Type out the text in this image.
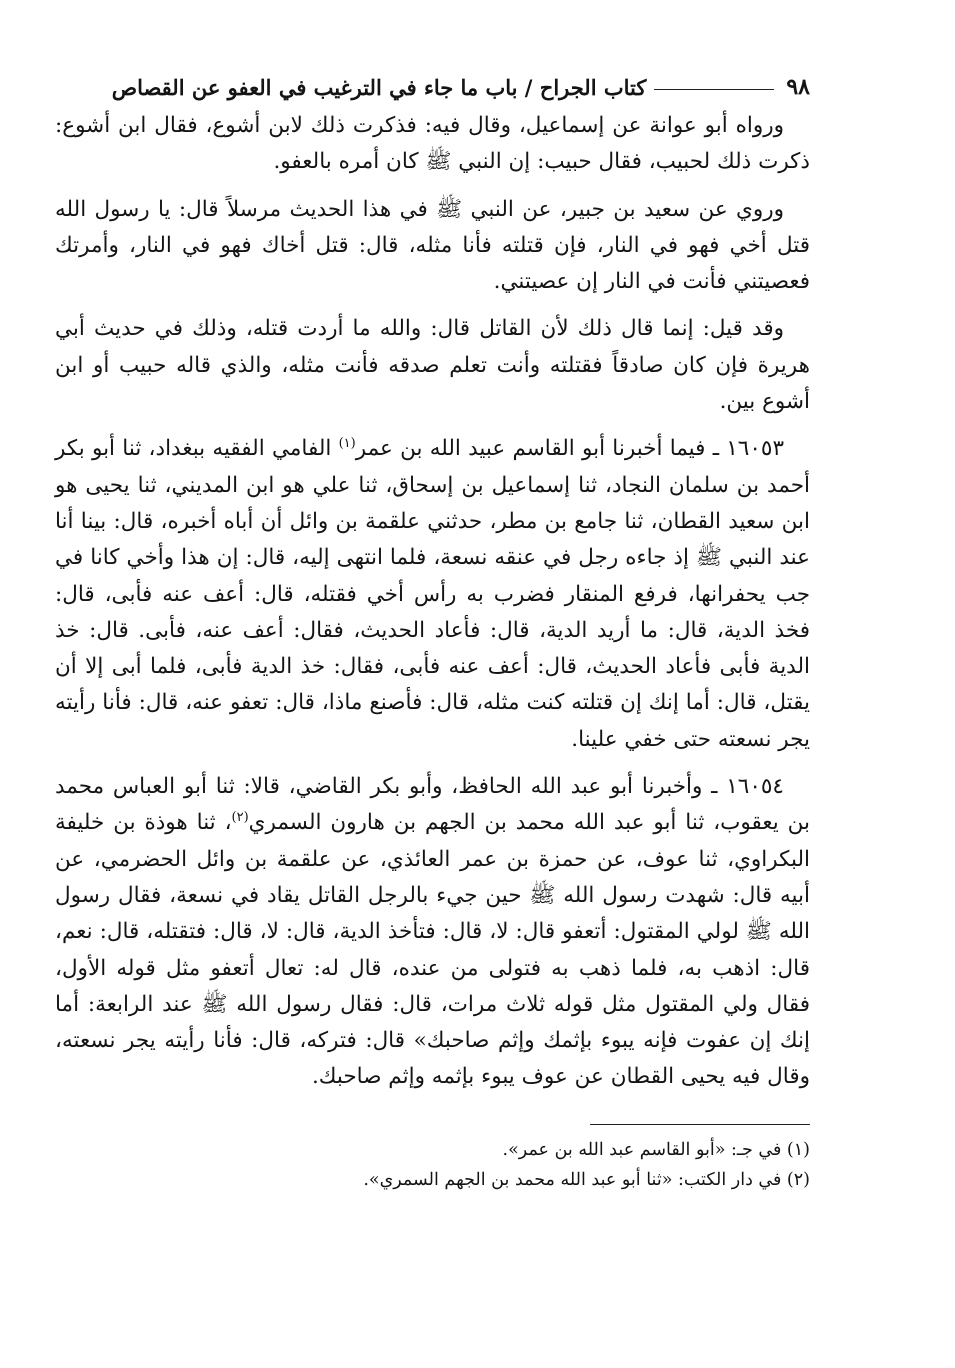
٩٨
كتاب الجراح / باب ما جاء في الترغيب في العفو عن القصاص

ورواه أبو عوانة عن إسماعيل، وقال فيه: فذكرت ذلك لابن أشوع، فقال ابن أشوع: ذكرت ذلك لحبيب، فقال حبيب: إن النبي ﷺ كان أمره بالعفو.

وروي عن سعيد بن جبير، عن النبي ﷺ في هذا الحديث مرسلاً قال: يا رسول الله قتل أخي فهو في النار، فإن قتلته فأنا مثله، قال: قتل أخاك فهو في النار، وأمرتك فعصيتني فأنت في النار إن عصيتني.

وقد قيل: إنما قال ذلك لأن القاتل قال: والله ما أردت قتله، وذلك في حديث أبي هريرة فإن كان صادقاً فقتلته وأنت تعلم صدقه فأنت مثله، والذي قاله حبيب أو ابن أشوع بين.

١٦٠٥٣ ـ فيما أخبرنا أبو القاسم عبيد الله بن عمر$^{(١)}$ الفامي الفقيه ببغداد، ثنا أبو بكر أحمد بن سلمان النجاد، ثنا إسماعيل بن إسحاق، ثنا علي هو ابن المديني، ثنا يحيى هو ابن سعيد القطان، ثنا جامع بن مطر، حدثني علقمة بن وائل أن أباه أخبره، قال: بينا أنا عند النبي ﷺ إذ جاءه رجل في عنقه نسعة، فلما انتهى إليه، قال: إن هذا وأخي كانا في جب يحفرانها، فرفع المنقار فضرب به رأس أخي فقتله، قال: أعف عنه فأبى، قال: فخذ الدية، قال: ما أريد الدية، قال: فأعاد الحديث، فقال: أعف عنه، فأبى. قال: خذ الدية فأبى فأعاد الحديث، قال: أعف عنه فأبى، فقال: خذ الدية فأبى، فلما أبى إلا أن يقتل، قال: أما إنك إن قتلته كنت مثله، قال: فأصنع ماذا، قال: تعفو عنه، قال: فأنا رأيته يجر نسعته حتى خفي علينا.

١٦٠٥٤ ـ وأخبرنا أبو عبد الله الحافظ، وأبو بكر القاضي، قالا: ثنا أبو العباس محمد بن يعقوب، ثنا أبو عبد الله محمد بن الجهم بن هارون السمري$^{(٢)}$، ثنا هوذة بن خليفة البكراوي، ثنا عوف، عن حمزة بن عمر العائذي، عن علقمة بن وائل الحضرمي، عن أبيه قال: شهدت رسول الله ﷺ حين جيء بالرجل القاتل يقاد في نسعة، فقال رسول الله ﷺ لولي المقتول: أتعفو قال: لا، قال: فتأخذ الدية، قال: لا، قال: فتقتله، قال: نعم، قال: اذهب به، فلما ذهب به فتولى من عنده، قال له: تعال أتعفو مثل قوله الأول، فقال ولي المقتول مثل قوله ثلاث مرات، قال: فقال رسول الله ﷺ عند الرابعة: أما إنك إن عفوت فإنه يبوء بإثمك وإثم صاحبك» قال: فتركه، قال: فأنا رأيته يجر نسعته، وقال فيه يحيى القطان عن عوف يبوء بإثمه وإثم صاحبك.

(١) في جـ: «أبو القاسم عبد الله بن عمر».

(٢) في دار الكتب: «ثنا أبو عبد الله محمد بن الجهم السمري».
